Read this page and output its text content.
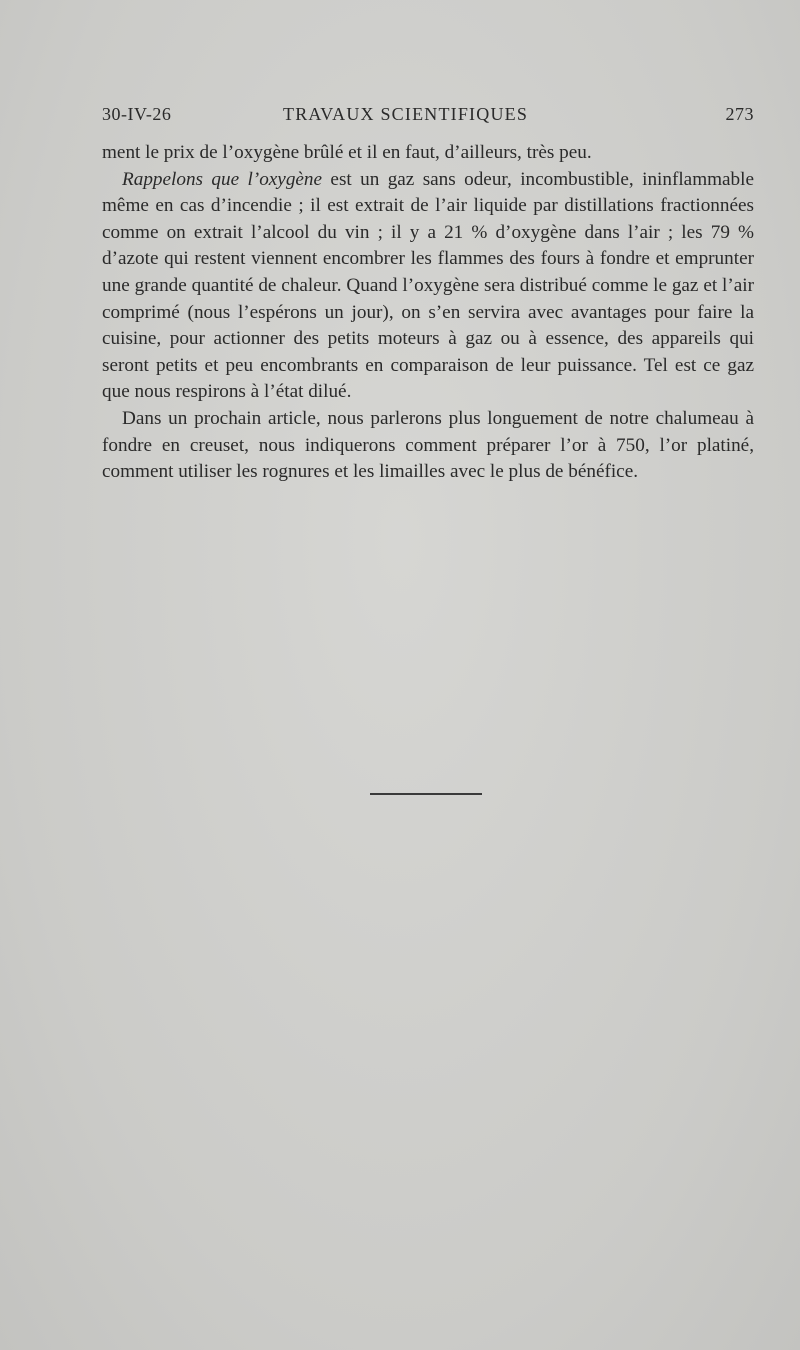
30-IV-26	TRAVAUX SCIENTIFIQUES	273

ment le prix de l’oxygène brûlé et il en faut, d’ailleurs, très peu.

Rappelons que l’oxygène est un gaz sans odeur, incombustible, ininflammable même en cas d’incendie ; il est extrait de l’air liquide par distillations fractionnées comme on extrait l’alcool du vin ; il y a 21 % d’oxygène dans l’air ; les 79 % d’azote qui restent viennent encombrer les flammes des fours à fondre et emprunter une grande quantité de chaleur. Quand l’oxygène sera distribué comme le gaz et l’air comprimé (nous l’espérons un jour), on s’en servira avec avantages pour faire la cuisine, pour actionner des petits moteurs à gaz ou à essence, des appareils qui seront petits et peu encombrants en comparaison de leur puissance. Tel est ce gaz que nous respirons à l’état dilué.

Dans un prochain article, nous parlerons plus longuement de notre chalumeau à fondre en creuset, nous indiquerons comment préparer l’or à 750, l’or platiné, comment utiliser les rognures et les limailles avec le plus de bénéfice.
